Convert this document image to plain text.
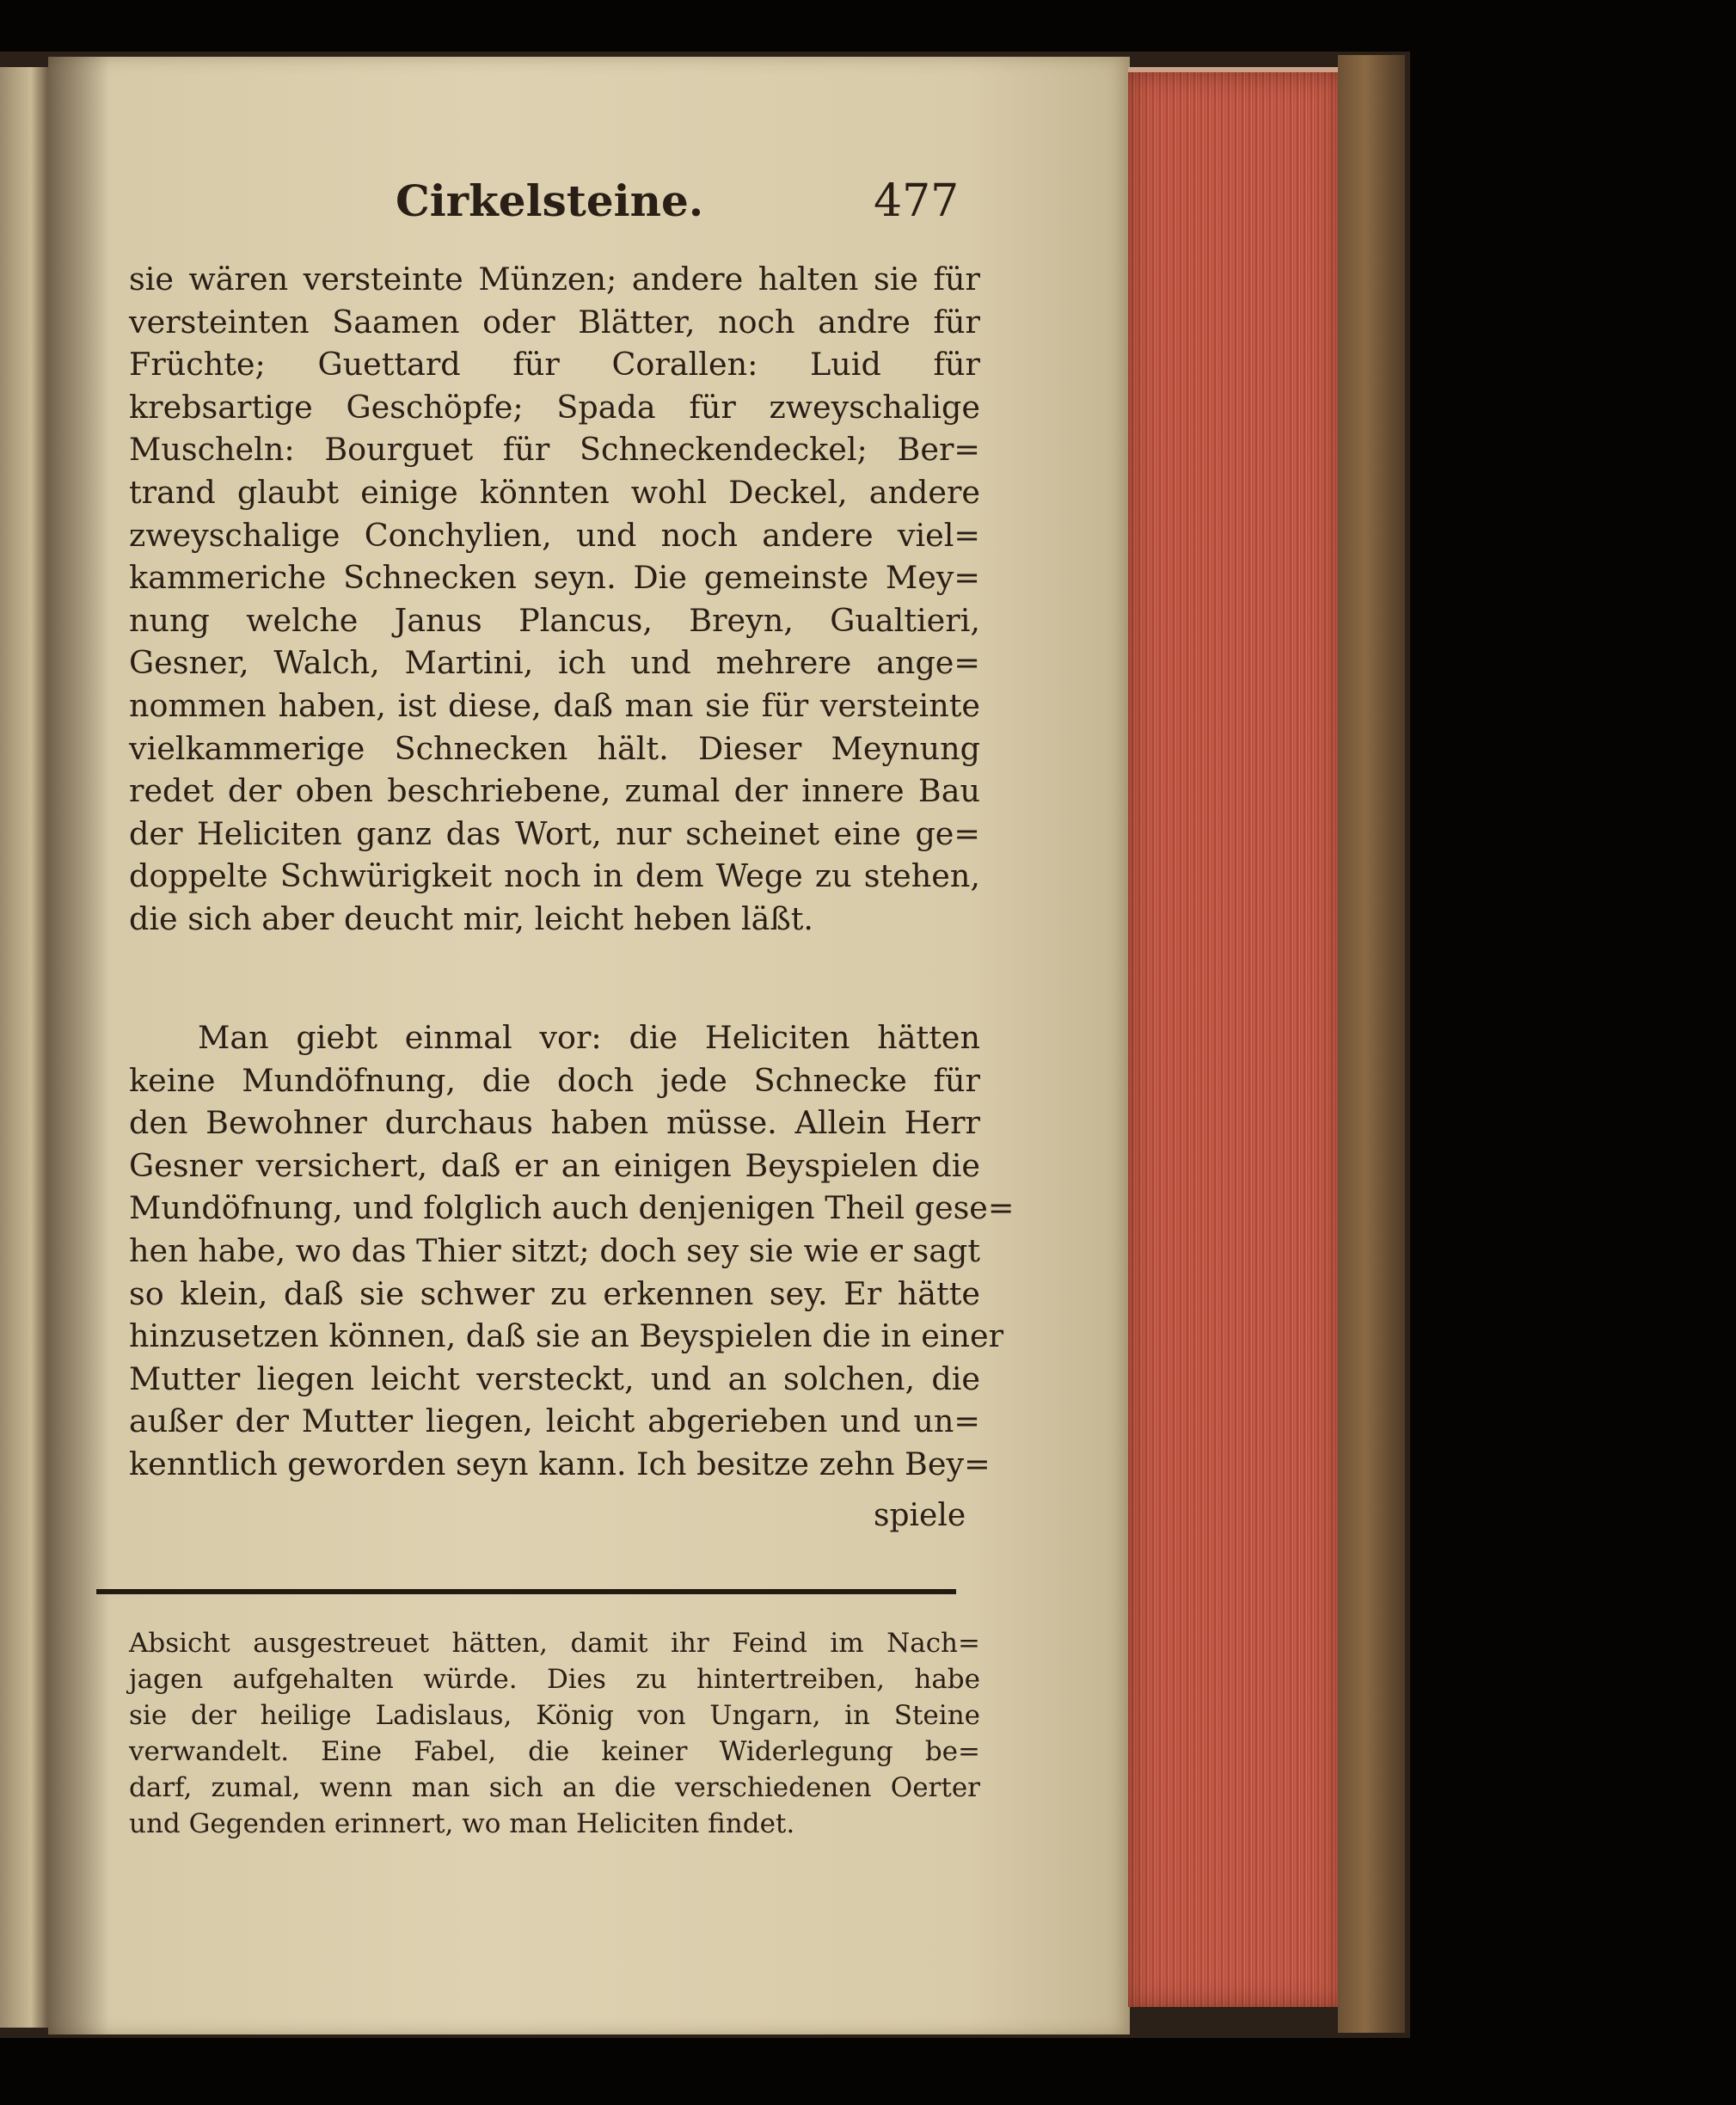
Cirkelsteine.	477
sie wären versteinte Münzen; andere halten sie für
versteinten Saamen oder Blätter, noch andre für
Früchte; Guettard für Corallen: Luid für
krebsartige Geschöpfe; Spada für zweyschalige
Muscheln: Bourguet für Schneckendeckel; Ber=
trand glaubt einige könnten wohl Deckel, andere
zweyschalige Conchylien, und noch andere viel=
kammeriche Schnecken seyn. Die gemeinste Mey=
nung welche Janus Plancus, Breyn, Gualtieri,
Gesner, Walch, Martini, ich und mehrere ange=
nommen haben, ist diese, daß man sie für versteinte
vielkammerige Schnecken hält. Dieser Meynung
redet der oben beschriebene, zumal der innere Bau
der Heliciten ganz das Wort, nur scheinet eine ge=
doppelte Schwürigkeit noch in dem Wege zu stehen,
die sich aber deucht mir, leicht heben läßt.
Man giebt einmal vor: die Heliciten hätten
keine Mundöfnung, die doch jede Schnecke für
den Bewohner durchaus haben müsse. Allein Herr
Gesner versichert, daß er an einigen Beyspielen die
Mundöfnung, und folglich auch denjenigen Theil gese=
hen habe, wo das Thier sitzt; doch sey sie wie er sagt
so klein, daß sie schwer zu erkennen sey. Er hätte
hinzusetzen können, daß sie an Beyspielen die in einer
Mutter liegen leicht versteckt, und an solchen, die
außer der Mutter liegen, leicht abgerieben und un=
kenntlich geworden seyn kann. Ich besitze zehn Bey=
spiele
Absicht ausgestreuet hätten, damit ihr Feind im Nach=
jagen aufgehalten würde. Dies zu hintertreiben, habe
sie der heilige Ladislaus, König von Ungarn, in Steine
verwandelt. Eine Fabel, die keiner Widerlegung be=
darf, zumal, wenn man sich an die verschiedenen Oerter
und Gegenden erinnert, wo man Heliciten findet.
